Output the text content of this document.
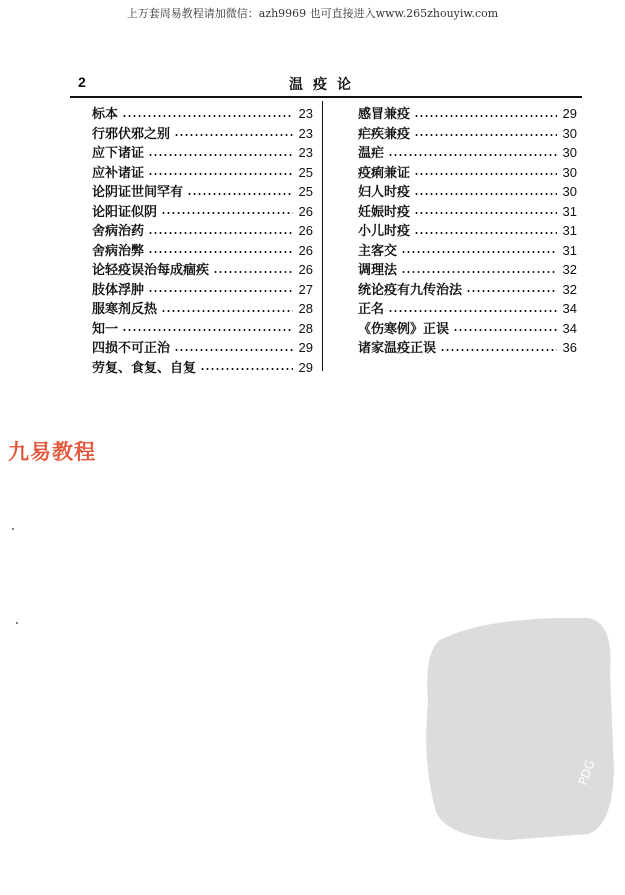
上万套周易教程请加微信：azh9969 也可直接进入www.265zhouyiw.com
2	温疫论
标本	23
行邪伏邪之别	23
应下诸证	23
应补诸证	25
论阴证世间罕有	25
论阳证似阴	26
舍病治药	26
舍病治弊	26
论轻疫误治每成痼疾	26
肢体浮肿	27
服寒剂反热	28
知一	28
四损不可正治	29
劳复、食复、自复	29
感冒兼疫	29
疟疾兼疫	30
温疟	30
疫痢兼证	30
妇人时疫	30
妊娠时疫	31
小儿时疫	31
主客交	31
调理法	32
统论疫有九传治法	32
正名	34
《伤寒例》正误	34
诸家温疫正误	36
九易教程
PDG
